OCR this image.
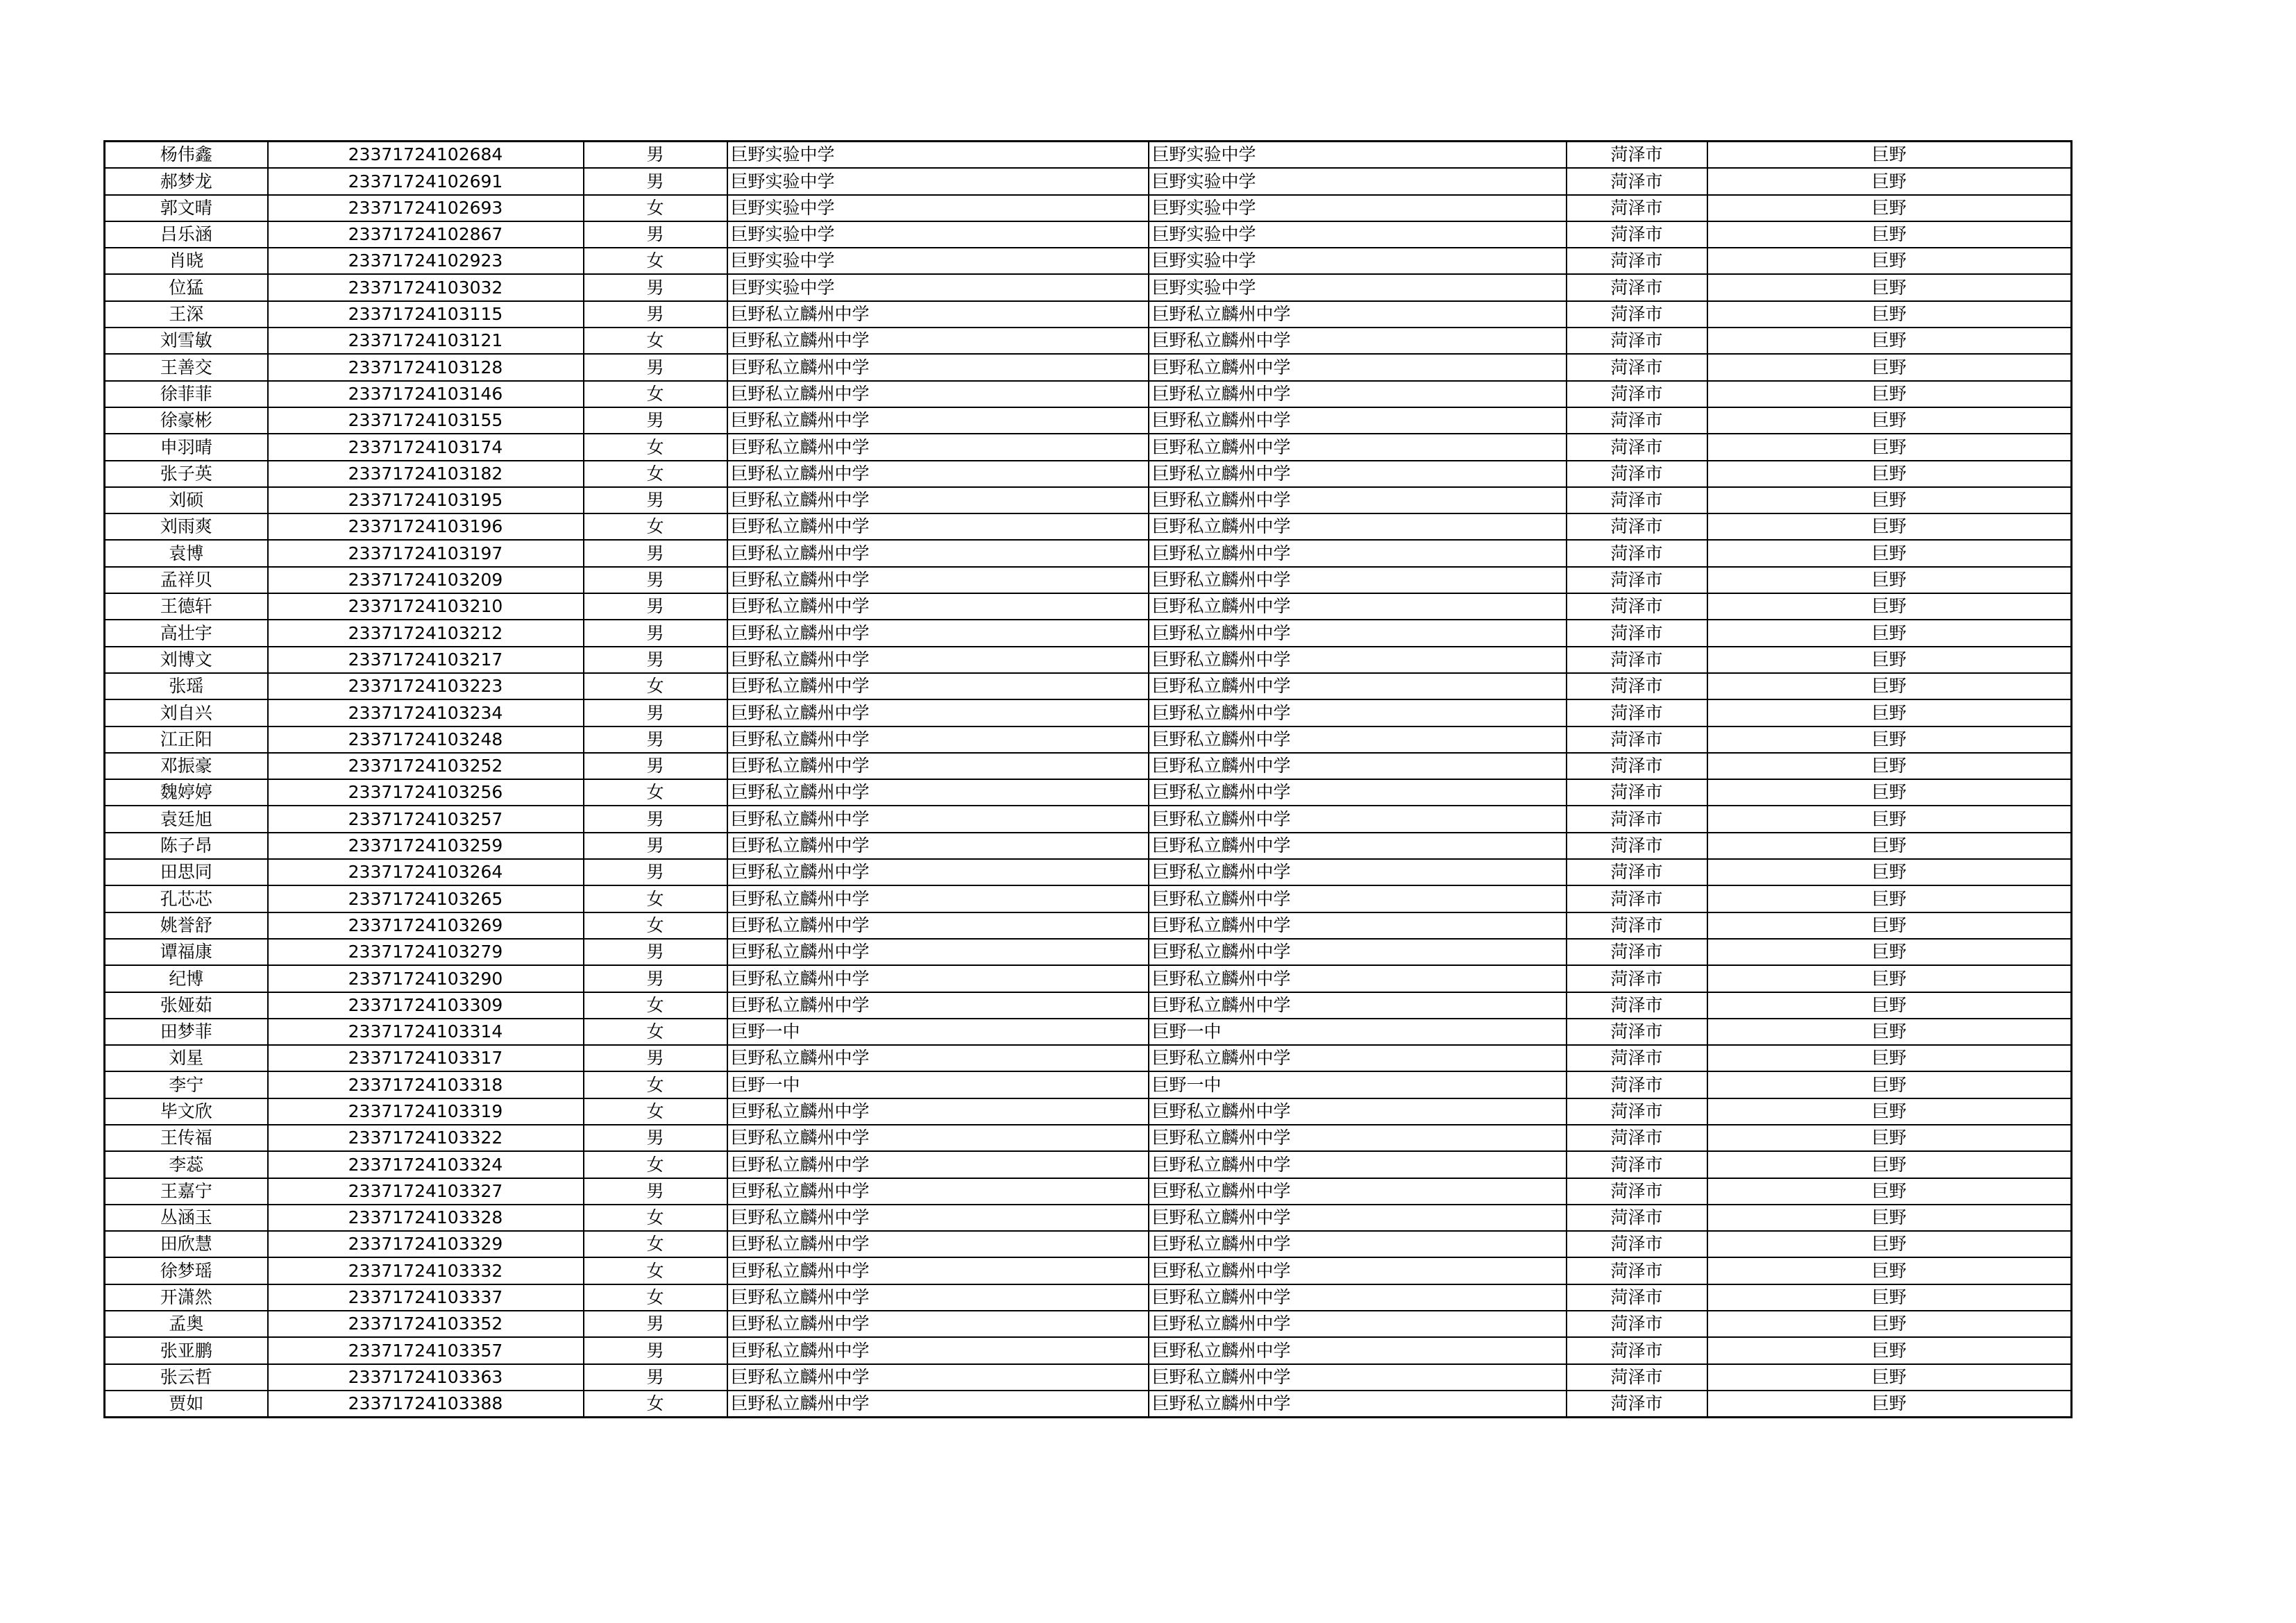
杨伟鑫	23371724102684	男	巨野实验中学	巨野实验中学	菏泽市	巨野
郝梦龙	23371724102691	男	巨野实验中学	巨野实验中学	菏泽市	巨野
郭文晴	23371724102693	女	巨野实验中学	巨野实验中学	菏泽市	巨野
吕乐涵	23371724102867	男	巨野实验中学	巨野实验中学	菏泽市	巨野
肖晓	23371724102923	女	巨野实验中学	巨野实验中学	菏泽市	巨野
位猛	23371724103032	男	巨野实验中学	巨野实验中学	菏泽市	巨野
王深	23371724103115	男	巨野私立麟州中学	巨野私立麟州中学	菏泽市	巨野
刘雪敏	23371724103121	女	巨野私立麟州中学	巨野私立麟州中学	菏泽市	巨野
王善交	23371724103128	男	巨野私立麟州中学	巨野私立麟州中学	菏泽市	巨野
徐菲菲	23371724103146	女	巨野私立麟州中学	巨野私立麟州中学	菏泽市	巨野
徐豪彬	23371724103155	男	巨野私立麟州中学	巨野私立麟州中学	菏泽市	巨野
申羽晴	23371724103174	女	巨野私立麟州中学	巨野私立麟州中学	菏泽市	巨野
张子英	23371724103182	女	巨野私立麟州中学	巨野私立麟州中学	菏泽市	巨野
刘硕	23371724103195	男	巨野私立麟州中学	巨野私立麟州中学	菏泽市	巨野
刘雨爽	23371724103196	女	巨野私立麟州中学	巨野私立麟州中学	菏泽市	巨野
袁博	23371724103197	男	巨野私立麟州中学	巨野私立麟州中学	菏泽市	巨野
孟祥贝	23371724103209	男	巨野私立麟州中学	巨野私立麟州中学	菏泽市	巨野
王德轩	23371724103210	男	巨野私立麟州中学	巨野私立麟州中学	菏泽市	巨野
高壮宇	23371724103212	男	巨野私立麟州中学	巨野私立麟州中学	菏泽市	巨野
刘博文	23371724103217	男	巨野私立麟州中学	巨野私立麟州中学	菏泽市	巨野
张瑶	23371724103223	女	巨野私立麟州中学	巨野私立麟州中学	菏泽市	巨野
刘自兴	23371724103234	男	巨野私立麟州中学	巨野私立麟州中学	菏泽市	巨野
江正阳	23371724103248	男	巨野私立麟州中学	巨野私立麟州中学	菏泽市	巨野
邓振豪	23371724103252	男	巨野私立麟州中学	巨野私立麟州中学	菏泽市	巨野
魏婷婷	23371724103256	女	巨野私立麟州中学	巨野私立麟州中学	菏泽市	巨野
袁廷旭	23371724103257	男	巨野私立麟州中学	巨野私立麟州中学	菏泽市	巨野
陈子昂	23371724103259	男	巨野私立麟州中学	巨野私立麟州中学	菏泽市	巨野
田思同	23371724103264	男	巨野私立麟州中学	巨野私立麟州中学	菏泽市	巨野
孔芯芯	23371724103265	女	巨野私立麟州中学	巨野私立麟州中学	菏泽市	巨野
姚誉舒	23371724103269	女	巨野私立麟州中学	巨野私立麟州中学	菏泽市	巨野
谭福康	23371724103279	男	巨野私立麟州中学	巨野私立麟州中学	菏泽市	巨野
纪博	23371724103290	男	巨野私立麟州中学	巨野私立麟州中学	菏泽市	巨野
张娅茹	23371724103309	女	巨野私立麟州中学	巨野私立麟州中学	菏泽市	巨野
田梦菲	23371724103314	女	巨野一中	巨野一中	菏泽市	巨野
刘星	23371724103317	男	巨野私立麟州中学	巨野私立麟州中学	菏泽市	巨野
李宁	23371724103318	女	巨野一中	巨野一中	菏泽市	巨野
毕文欣	23371724103319	女	巨野私立麟州中学	巨野私立麟州中学	菏泽市	巨野
王传福	23371724103322	男	巨野私立麟州中学	巨野私立麟州中学	菏泽市	巨野
李蕊	23371724103324	女	巨野私立麟州中学	巨野私立麟州中学	菏泽市	巨野
王嘉宁	23371724103327	男	巨野私立麟州中学	巨野私立麟州中学	菏泽市	巨野
丛涵玉	23371724103328	女	巨野私立麟州中学	巨野私立麟州中学	菏泽市	巨野
田欣慧	23371724103329	女	巨野私立麟州中学	巨野私立麟州中学	菏泽市	巨野
徐梦瑶	23371724103332	女	巨野私立麟州中学	巨野私立麟州中学	菏泽市	巨野
开潇然	23371724103337	女	巨野私立麟州中学	巨野私立麟州中学	菏泽市	巨野
孟奥	23371724103352	男	巨野私立麟州中学	巨野私立麟州中学	菏泽市	巨野
张亚鹏	23371724103357	男	巨野私立麟州中学	巨野私立麟州中学	菏泽市	巨野
张云哲	23371724103363	男	巨野私立麟州中学	巨野私立麟州中学	菏泽市	巨野
贾如	23371724103388	女	巨野私立麟州中学	巨野私立麟州中学	菏泽市	巨野
